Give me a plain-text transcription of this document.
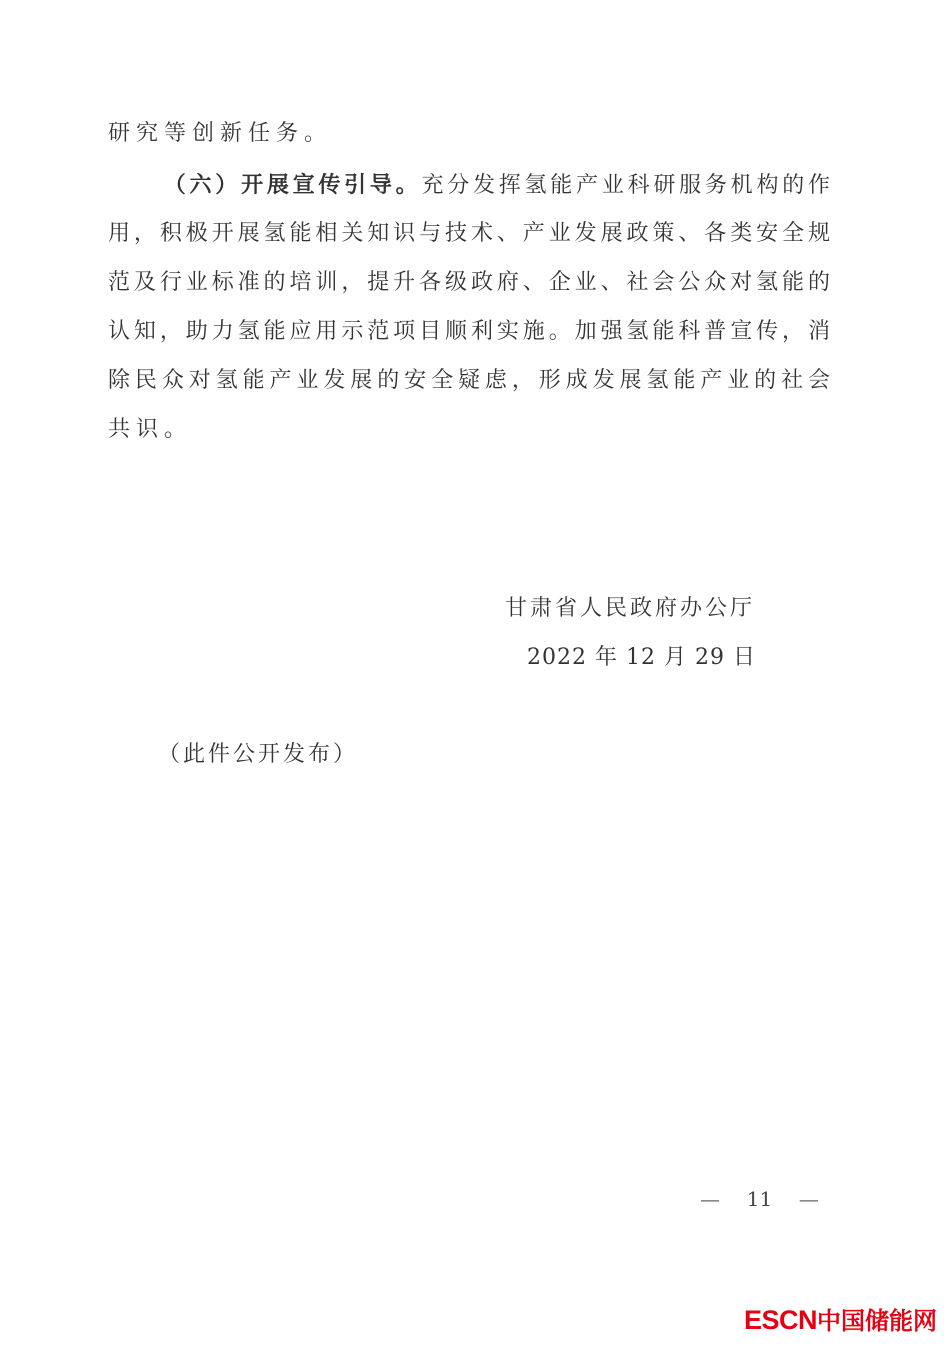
研究等创新任务。
（六）开展宣传引导。充分发挥氢能产业科研服务机构的作
用，积极开展氢能相关知识与技术、产业发展政策、各类安全规
范及行业标准的培训，提升各级政府、企业、社会公众对氢能的
认知，助力氢能应用示范项目顺利实施。加强氢能科普宣传，消
除民众对氢能产业发展的安全疑虑，形成发展氢能产业的社会
共识。
甘肃省人民政府办公厅
2022 年 12 月 29 日
（此件公开发布）
— 11 —
ESCN中国储能网
